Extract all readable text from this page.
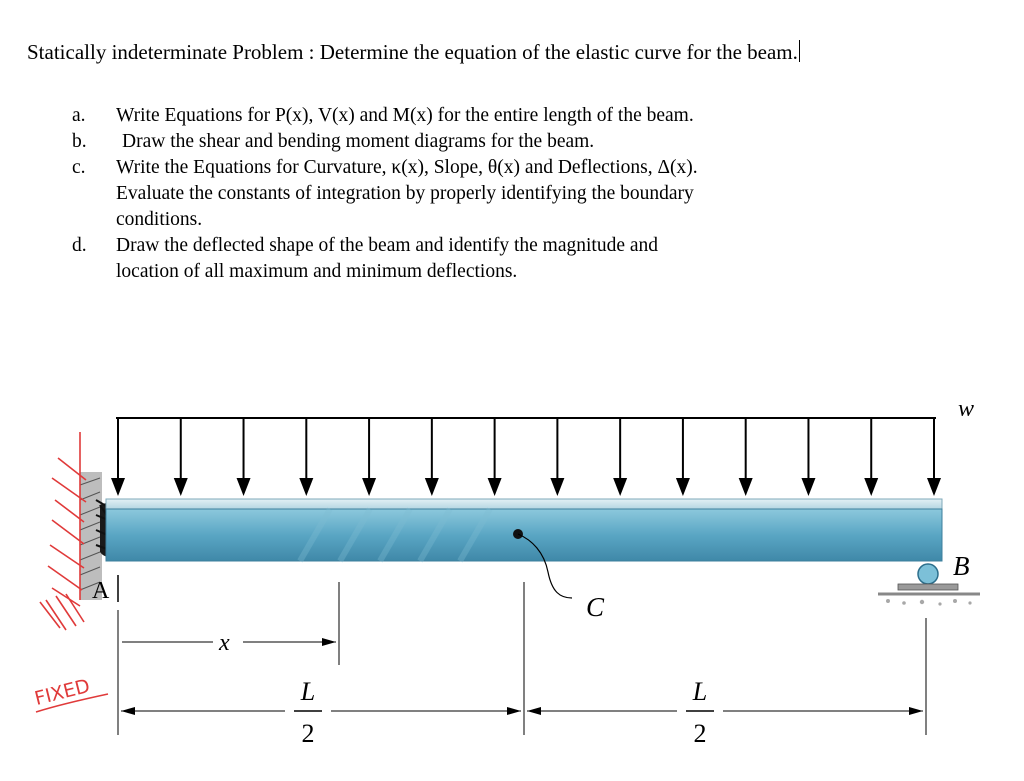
Statically indeterminate Problem : Determine the equation of the elastic curve for the beam.
a. Write Equations for P(x), V(x) and M(x) for the entire length of the beam.
b. Draw the shear and bending moment diagrams for the beam.
c. Write the Equations for Curvature, κ(x), Slope, θ(x) and Deflections, Δ(x).
Evaluate the constants of integration by properly identifying the boundary
conditions.
d. Draw the deflected shape of the beam and identify the magnitude and
location of all maximum and minimum deflections.
w
A
B
C
x
L
2
L
2
FIXED
